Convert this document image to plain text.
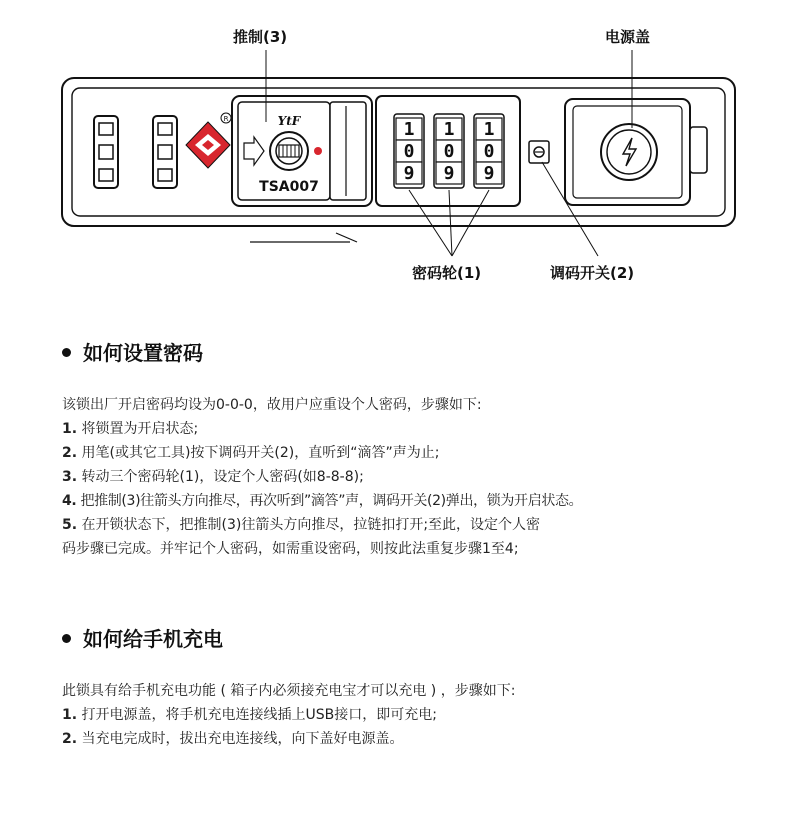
R	YtF
TSA007
1
0
9
1
0
9
1
0
9
推制(3)	电源盖
密码轮(1)	调码开关(2)
如何设置密码
该锁出厂开启密码均设为0-0-0，故用户应重设个人密码，步骤如下:
1. 将锁置为开启状态;
2. 用笔(或其它工具)按下调码开关(2)，直听到“滴答”声为止;
3. 转动三个密码轮(1)，设定个人密码(如8-8-8);
4. 把推制(3)往箭头方向推尽，再次听到”滴答”声，调码开关(2)弹出，锁为开启状态。
5. 在开锁状态下，把推制(3)往箭头方向推尽，拉链扣打开;至此，设定个人密
码步骤已完成。并牢记个人密码，如需重设密码，则按此法重复步骤1至4;
如何给手机充电
此锁具有给手机充电功能 ( 箱子内必须接充电宝才可以充电 ) ，步骤如下:
1. 打开电源盖，将手机充电连接线插上USB接口，即可充电;
2. 当充电完成时，拔出充电连接线，向下盖好电源盖。
